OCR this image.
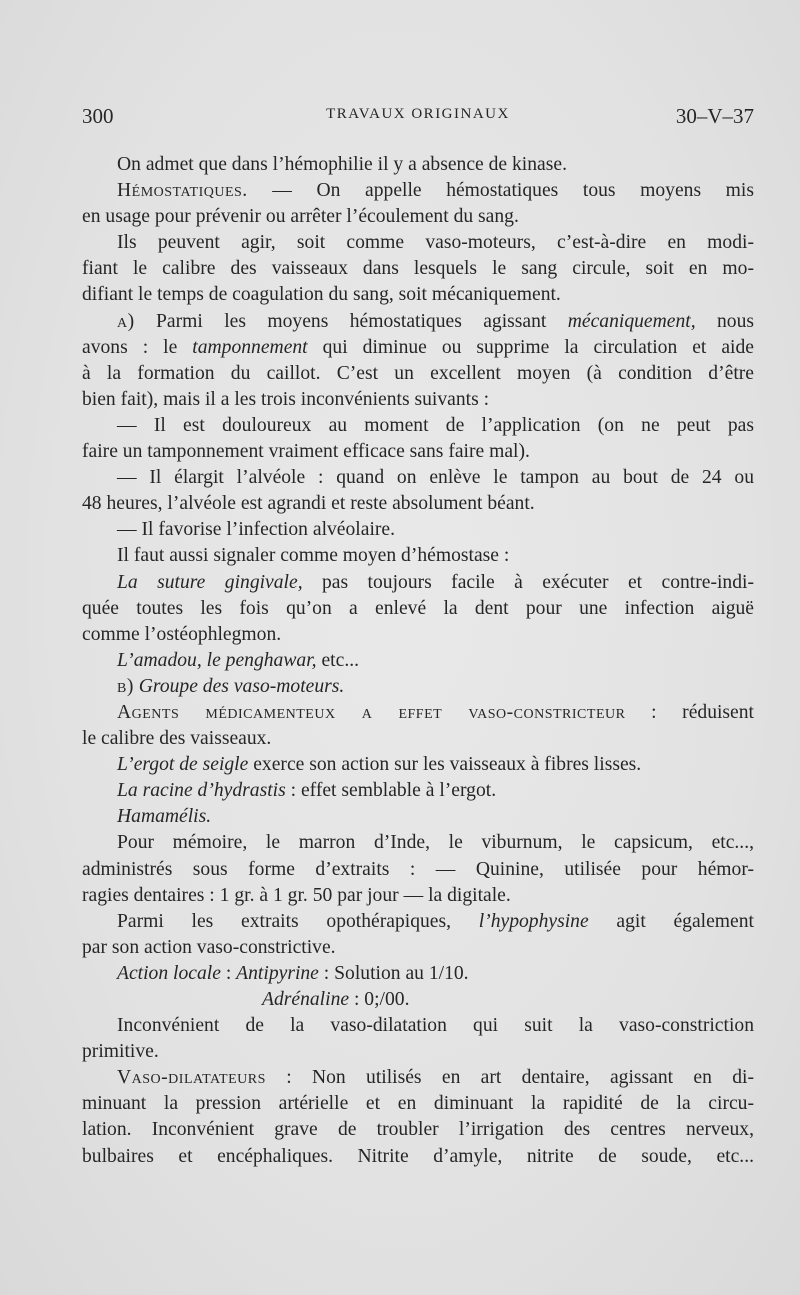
300	TRAVAUX ORIGINAUX	30–V–37
On admet que dans l’hémophilie il y a absence de kinase.
Hémostatiques. — On appelle hémostatiques tous moyens mis
en usage pour prévenir ou arrêter l’écoulement du sang.
Ils peuvent agir, soit comme vaso-moteurs, c’est-à-dire en modi-
fiant le calibre des vaisseaux dans lesquels le sang circule, soit en mo-
difiant le temps de coagulation du sang, soit mécaniquement.
a) Parmi les moyens hémostatiques agissant mécaniquement, nous
avons : le tamponnement qui diminue ou supprime la circulation et aide
à la formation du caillot. C’est un excellent moyen (à condition d’être
bien fait), mais il a les trois inconvénients suivants :
— Il est douloureux au moment de l’application (on ne peut pas
faire un tamponnement vraiment efficace sans faire mal).
— Il élargit l’alvéole : quand on enlève le tampon au bout de 24 ou
48 heures, l’alvéole est agrandi et reste absolument béant.
— Il favorise l’infection alvéolaire.
Il faut aussi signaler comme moyen d’hémostase :
La suture gingivale, pas toujours facile à exécuter et contre-indi-
quée toutes les fois qu’on a enlevé la dent pour une infection aiguë
comme l’ostéophlegmon.
L’amadou, le penghawar, etc...
b) Groupe des vaso-moteurs.
Agents médicamenteux a effet vaso-constricteur : réduisent
le calibre des vaisseaux.
L’ergot de seigle exerce son action sur les vaisseaux à fibres lisses.
La racine d’hydrastis : effet semblable à l’ergot.
Hamamélis.
Pour mémoire, le marron d’Inde, le viburnum, le capsicum, etc...,
administrés sous forme d’extraits : — Quinine, utilisée pour hémor-
ragies dentaires : 1 gr. à 1 gr. 50 par jour — la digitale.
Parmi les extraits opothérapiques, l’hypophysine agit également
par son action vaso-constrictive.
Action locale : Antipyrine : Solution au 1/10.
Adrénaline : 0;/00.
Inconvénient de la vaso-dilatation qui suit la vaso-constriction
primitive.
Vaso-dilatateurs : Non utilisés en art dentaire, agissant en di-
minuant la pression artérielle et en diminuant la rapidité de la circu-
lation. Inconvénient grave de troubler l’irrigation des centres nerveux,
bulbaires et encéphaliques. Nitrite d’amyle, nitrite de soude, etc...
